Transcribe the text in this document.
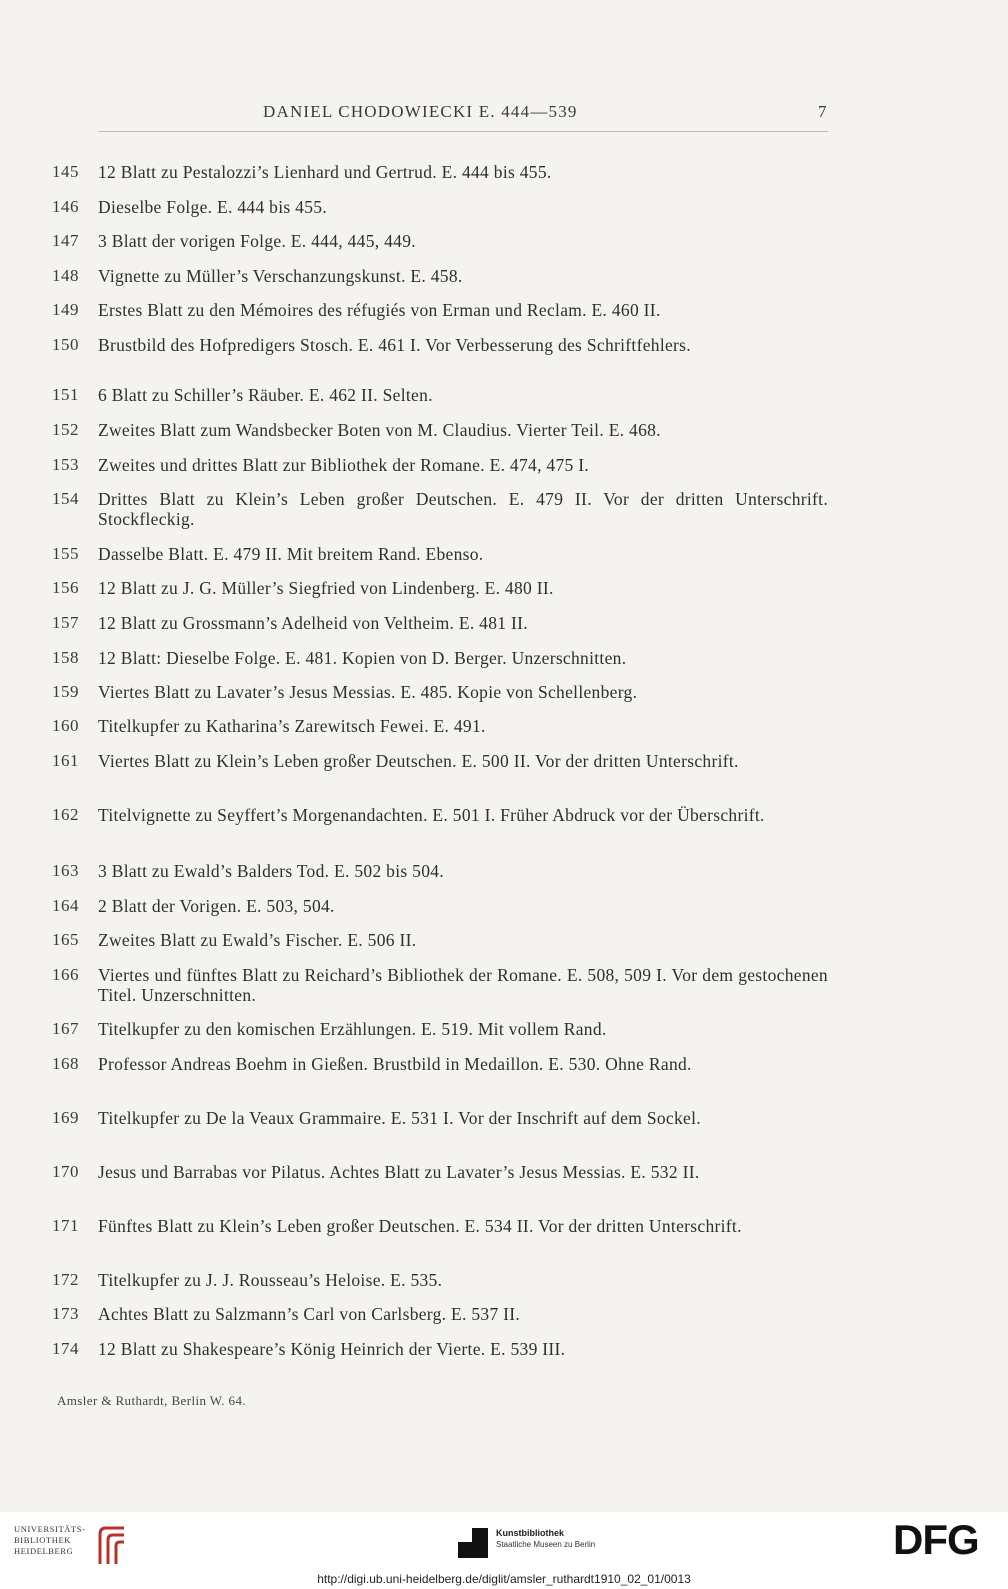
DANIEL CHODOWIECKI E. 444—539	7
145	12 Blatt zu Pestalozzi’s Lienhard und Gertrud. E. 444 bis 455.
146	Dieselbe Folge. E. 444 bis 455.
147	3 Blatt der vorigen Folge. E. 444, 445, 449.
148	Vignette zu Müller’s Verschanzungskunst. E. 458.
149	Erstes Blatt zu den Mémoires des réfugiés von Erman und Reclam. E. 460 II.
150	Brustbild des Hofpredigers Stosch. E. 461 I. Vor Verbesserung des Schriftfehlers.
151	6 Blatt zu Schiller’s Räuber. E. 462 II. Selten.
152	Zweites Blatt zum Wandsbecker Boten von M. Claudius. Vierter Teil. E. 468.
153	Zweites und drittes Blatt zur Bibliothek der Romane. E. 474, 475 I.
154	Drittes Blatt zu Klein’s Leben großer Deutschen. E. 479 II. Vor der dritten Unterschrift. Stockfleckig.
155	Dasselbe Blatt. E. 479 II. Mit breitem Rand. Ebenso.
156	12 Blatt zu J. G. Müller’s Siegfried von Lindenberg. E. 480 II.
157	12 Blatt zu Grossmann’s Adelheid von Veltheim. E. 481 II.
158	12 Blatt: Dieselbe Folge. E. 481. Kopien von D. Berger. Unzerschnitten.
159	Viertes Blatt zu Lavater’s Jesus Messias. E. 485. Kopie von Schellenberg.
160	Titelkupfer zu Katharina’s Zarewitsch Fewei. E. 491.
161	Viertes Blatt zu Klein’s Leben großer Deutschen. E. 500 II. Vor der dritten Unterschrift.
162	Titelvignette zu Seyffert’s Morgenandachten. E. 501 I. Früher Abdruck vor der Überschrift.
163	3 Blatt zu Ewald’s Balders Tod. E. 502 bis 504.
164	2 Blatt der Vorigen. E. 503, 504.
165	Zweites Blatt zu Ewald’s Fischer. E. 506 II.
166	Viertes und fünftes Blatt zu Reichard’s Bibliothek der Romane. E. 508, 509 I. Vor dem gestochenen Titel. Unzerschnitten.
167	Titelkupfer zu den komischen Erzählungen. E. 519. Mit vollem Rand.
168	Professor Andreas Boehm in Gießen. Brustbild in Medaillon. E. 530. Ohne Rand.
169	Titelkupfer zu De la Veaux Grammaire. E. 531 I. Vor der Inschrift auf dem Sockel.
170	Jesus und Barrabas vor Pilatus. Achtes Blatt zu Lavater’s Jesus Messias. E. 532 II.
171	Fünftes Blatt zu Klein’s Leben großer Deutschen. E. 534 II. Vor der dritten Unterschrift.
172	Titelkupfer zu J. J. Rousseau’s Heloise. E. 535.
173	Achtes Blatt zu Salzmann’s Carl von Carlsberg. E. 537 II.
174	12 Blatt zu Shakespeare’s König Heinrich der Vierte. E. 539 III.
Amsler & Ruthardt, Berlin W. 64.
UNIVERSITÄTS-
BIBLIOTHEK
HEIDELBERG
Kunstbibliothek
Staatliche Museen zu Berlin	DFG
http://digi.ub.uni-heidelberg.de/diglit/amsler_ruthardt1910_02_01/0013
